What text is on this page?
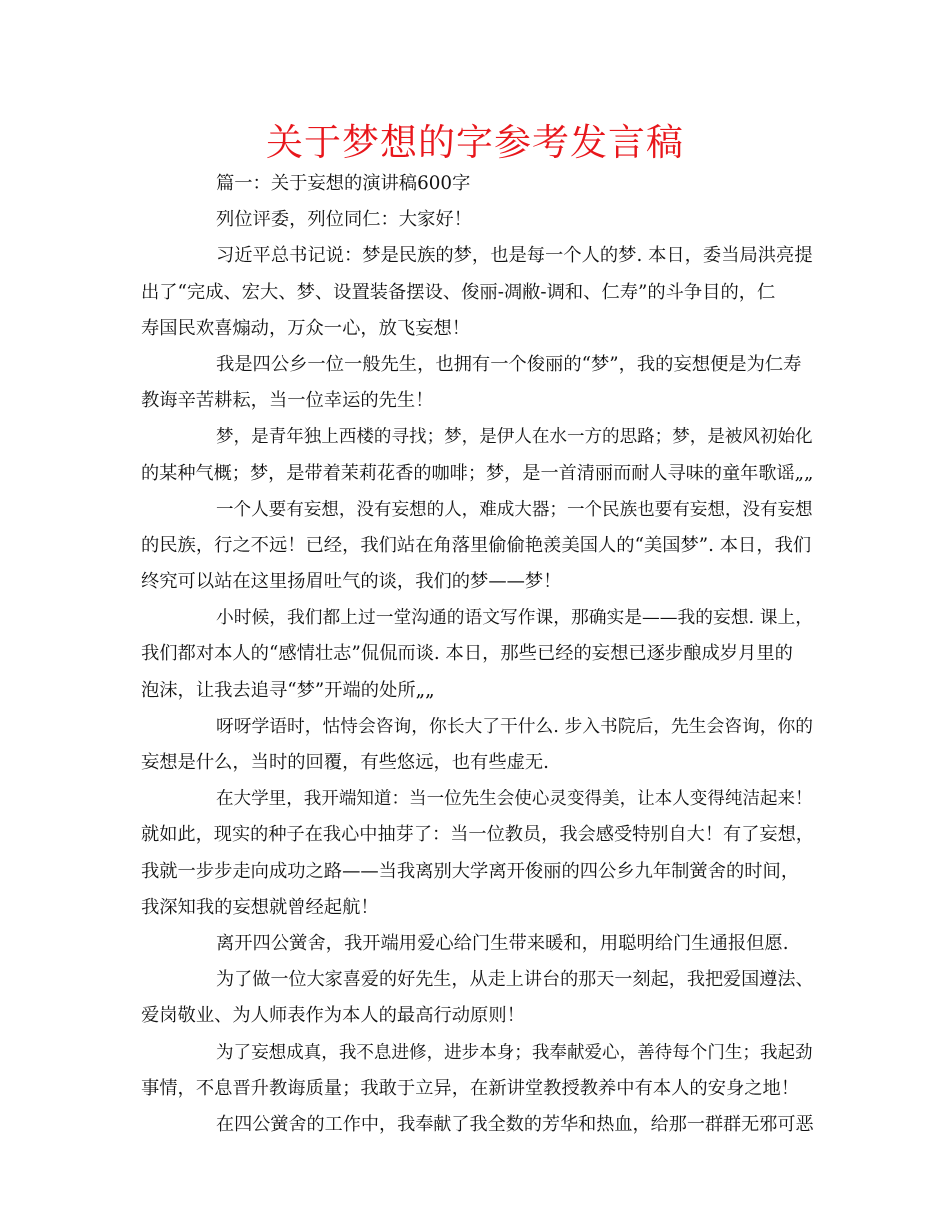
关于梦想的字参考发言稿
篇一：关于妄想的演讲稿600字
列位评委，列位同仁：大家好！
习近平总书记说：梦是民族的梦，也是每一个人的梦. 本日，委当局洪亮提
出了“完成、宏大、梦、设置装备摆设、俊丽-凋敝-调和、仁寿”的斗争目的，仁
寿国民欢喜煽动，万众一心，放飞妄想！
我是四公乡一位一般先生，也拥有一个俊丽的“梦”，我的妄想便是为仁寿
教诲辛苦耕耘，当一位幸运的先生！
梦，是青年独上西楼的寻找；梦，是伊人在水一方的思路；梦，是被风初始化
的某种气概；梦，是带着茉莉花香的咖啡；梦，是一首清丽而耐人寻味的童年歌谣„„
一个人要有妄想，没有妄想的人，难成大器；一个民族也要有妄想，没有妄想
的民族，行之不远！已经，我们站在角落里偷偷艳羡美国人的“美国梦”. 本日，我们
终究可以站在这里扬眉吐气的谈，我们的梦——梦！
小时候，我们都上过一堂沟通的语文写作课，那确实是——我的妄想. 课上，
我们都对本人的“感情壮志”侃侃而谈. 本日，那些已经的妄想已逐步酿成岁月里的
泡沫，让我去追寻“梦”开端的处所„„
呀呀学语时，怙恃会咨询，你长大了干什么. 步入书院后，先生会咨询，你的
妄想是什么，当时的回覆，有些悠远，也有些虚无.
在大学里，我开端知道：当一位先生会使心灵变得美，让本人变得纯洁起来！
就如此，现实的种子在我心中抽芽了：当一位教员，我会感受特别自大！有了妄想，
我就一步步走向成功之路——当我离别大学离开俊丽的四公乡九年制黉舍的时间，
我深知我的妄想就曾经起航！
离开四公黉舍，我开端用爱心给门生带来暖和，用聪明给门生通报但愿.
为了做一位大家喜爱的好先生，从走上讲台的那天一刻起，我把爱国遵法、
爱岗敬业、为人师表作为本人的最高行动原则！
为了妄想成真，我不息进修，进步本身；我奉献爱心，善待每个门生；我起劲
事情，不息晋升教诲质量；我敢于立异，在新讲堂教授教养中有本人的安身之地！
在四公黉舍的工作中，我奉献了我全数的芳华和热血，给那一群群无邪可恶
